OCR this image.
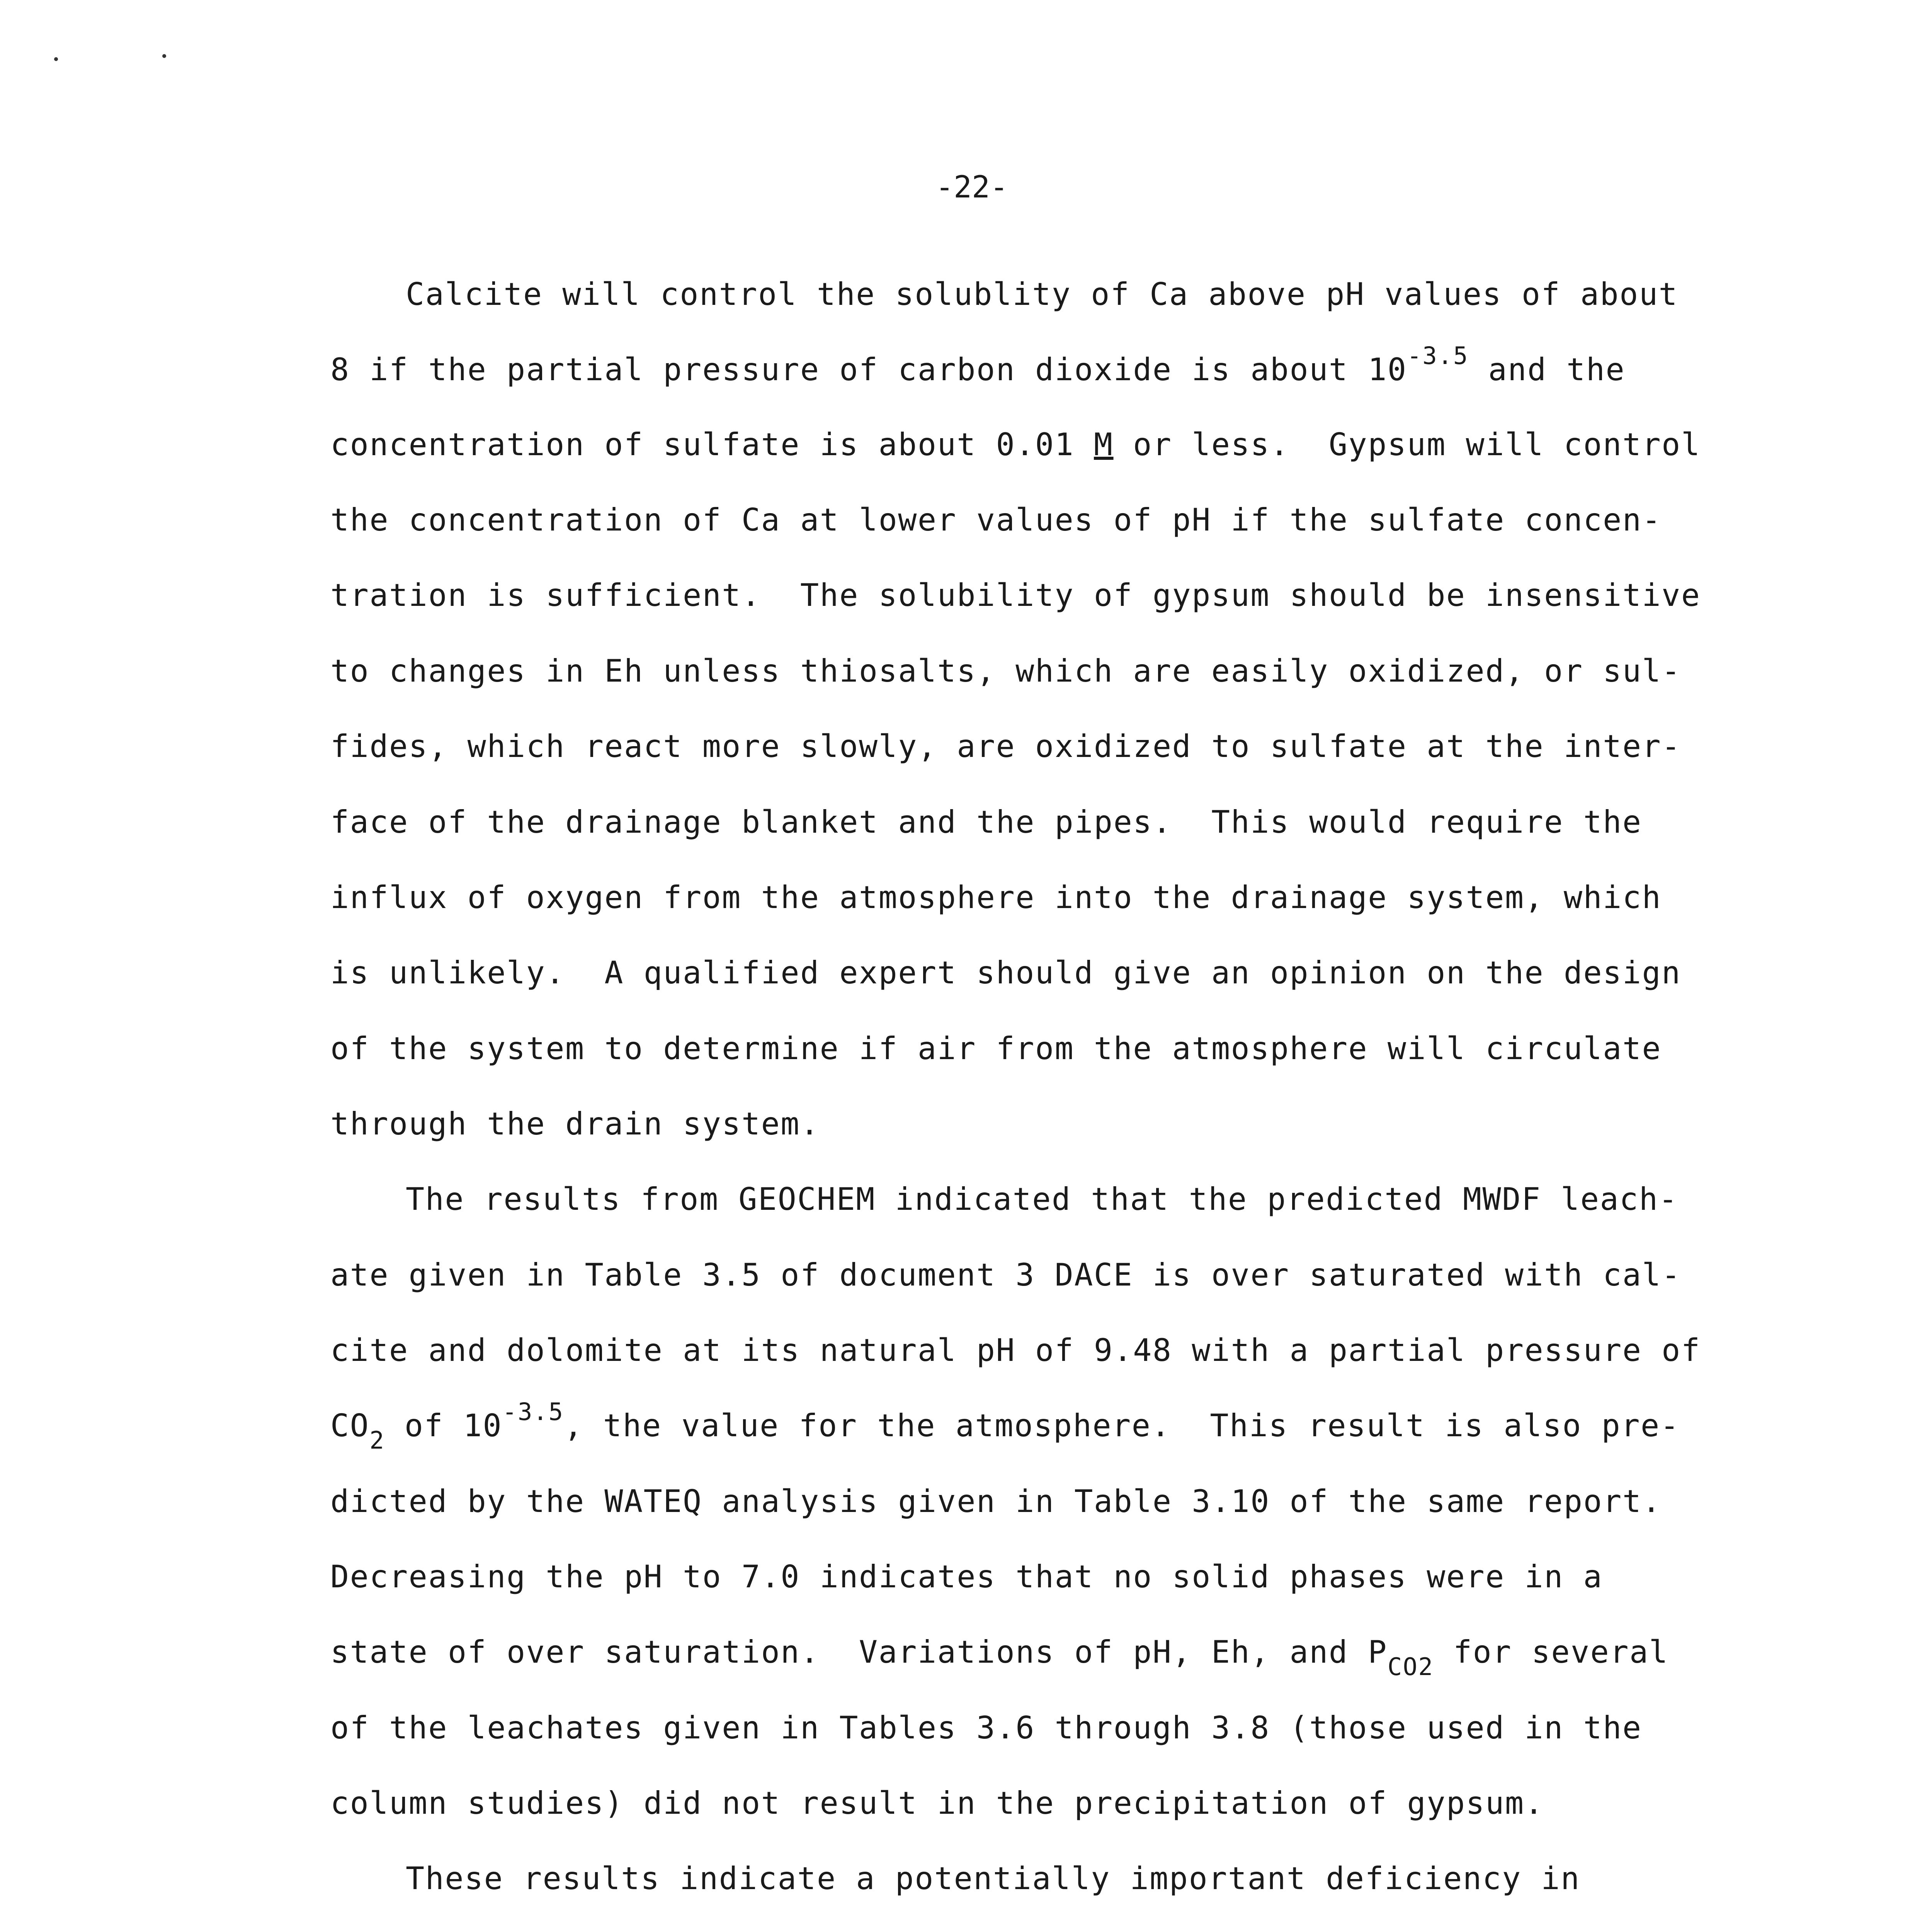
-22-
Calcite will control the solublity of Ca above pH values of about
8 if the partial pressure of carbon dioxide is about $10^{-3.5}$ and the
concentration of sulfate is about 0.01 M or less.  Gypsum will control
the concentration of Ca at lower values of pH if the sulfate concen-
tration is sufficient.  The solubility of gypsum should be insensitive
to changes in Eh unless thiosalts, which are easily oxidized, or sul-
fides, which react more slowly, are oxidized to sulfate at the inter-
face of the drainage blanket and the pipes.  This would require the
influx of oxygen from the atmosphere into the drainage system, which
is unlikely.  A qualified expert should give an opinion on the design
of the system to determine if air from the atmosphere will circulate
through the drain system.
The results from GEOCHEM indicated that the predicted MWDF leach-
ate given in Table 3.5 of document 3 DACE is over saturated with cal-
cite and dolomite at its natural pH of 9.48 with a partial pressure of
$CO_2$ of $10^{-3.5}$, the value for the atmosphere.  This result is also pre-
dicted by the WATEQ analysis given in Table 3.10 of the same report.
Decreasing the pH to 7.0 indicates that no solid phases were in a
state of over saturation.  Variations of pH, Eh, and $P_{CO2}$ for several
of the leachates given in Tables 3.6 through 3.8 (those used in the
column studies) did not result in the precipitation of gypsum.
These results indicate a potentially important deficiency in
